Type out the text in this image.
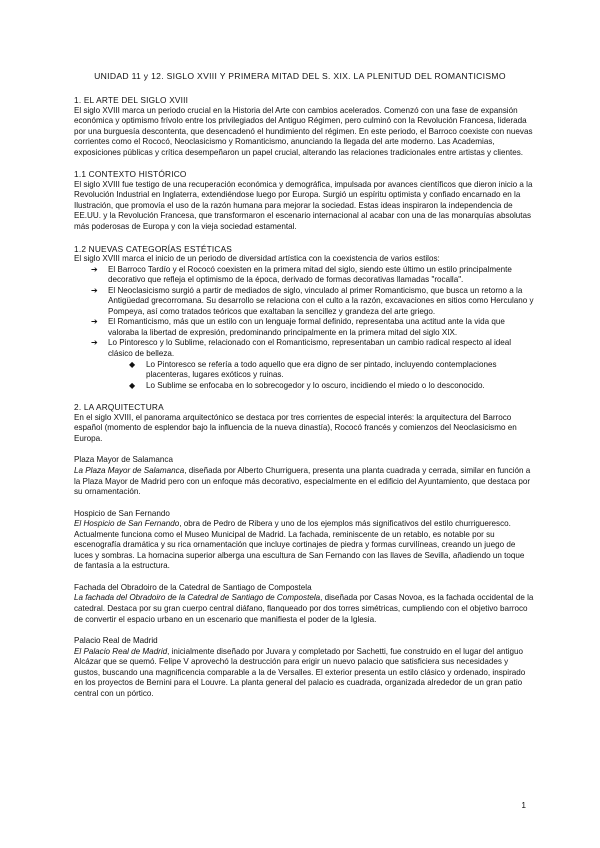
UNIDAD 11 y 12. SIGLO XVIII Y PRIMERA MITAD DEL S. XIX. LA PLENITUD DEL ROMANTICISMO
1. EL ARTE DEL SIGLO XVIII

El siglo XVIII marca un periodo crucial en la Historia del Arte con cambios acelerados. Comenzó con una fase de expansión económica y optimismo frívolo entre los privilegiados del Antiguo Régimen, pero culminó con la Revolución Francesa, liderada por una burguesía descontenta, que desencadenó el hundimiento del régimen. En este periodo, el Barroco coexiste con nuevas corrientes como el Rococó, Neoclasicismo y Romanticismo, anunciando la llegada del arte moderno. Las Academias, exposiciones públicas y crítica desempeñaron un papel crucial, alterando las relaciones tradicionales entre artistas y clientes.

1.1 CONTEXTO HISTÓRICO

El siglo XVIII fue testigo de una recuperación económica y demográfica, impulsada por avances científicos que dieron inicio a la Revolución Industrial en Inglaterra, extendiéndose luego por Europa. Surgió un espíritu optimista y confiado encarnado en la Ilustración, que promovía el uso de la razón humana para mejorar la sociedad. Estas ideas inspiraron la independencia de EE.UU. y la Revolución Francesa, que transformaron el escenario internacional al acabar con una de las monarquías absolutas más poderosas de Europa y con la vieja sociedad estamental.

1.2 NUEVAS CATEGORÍAS ESTÉTICAS

El siglo XVIII marca el inicio de un periodo de diversidad artística con la coexistencia de varios estilos:

➔ El Barroco Tardío y el Rococó coexisten en la primera mitad del siglo, siendo este último un estilo principalmente decorativo que refleja el optimismo de la época, derivado de formas decorativas llamadas "rocalla".
➔ El Neoclasicismo surgió a partir de mediados de siglo, vinculado al primer Romanticismo, que busca un retorno a la Antigüedad grecorromana. Su desarrollo se relaciona con el culto a la razón, excavaciones en sitios como Herculano y Pompeya, así como tratados teóricos que exaltaban la sencillez y grandeza del arte griego.
➔ El Romanticismo, más que un estilo con un lenguaje formal definido, representaba una actitud ante la vida que valoraba la libertad de expresión, predominando principalmente en la primera mitad del siglo XIX.
➔ Lo Pintoresco y lo Sublime, relacionado con el Romanticismo, representaban un cambio radical respecto al ideal clásico de belleza.
◆ Lo Pintoresco se refería a todo aquello que era digno de ser pintado, incluyendo contemplaciones placenteras, lugares exóticos y ruinas.
◆ Lo Sublime se enfocaba en lo sobrecogedor y lo oscuro, incidiendo el miedo o lo desconocido.
2. LA ARQUITECTURA

En el siglo XVIII, el panorama arquitectónico se destaca por tres corrientes de especial interés: la arquitectura del Barroco español (momento de esplendor bajo la influencia de la nueva dinastía), Rococó francés y comienzos del Neoclasicismo en Europa.

Plaza Mayor de Salamanca

La Plaza Mayor de Salamanca, diseñada por Alberto Churriguera, presenta una planta cuadrada y cerrada, similar en función a la Plaza Mayor de Madrid pero con un enfoque más decorativo, especialmente en el edificio del Ayuntamiento, que destaca por su ornamentación.

Hospicio de San Fernando

El Hospicio de San Fernando, obra de Pedro de Ribera y uno de los ejemplos más significativos del estilo churrigueresco. Actualmente funciona como el Museo Municipal de Madrid. La fachada, reminiscente de un retablo, es notable por su escenografía dramática y su rica ornamentación que incluye cortinajes de piedra y formas curvilíneas, creando un juego de luces y sombras. La hornacina superior alberga una escultura de San Fernando con las llaves de Sevilla, añadiendo un toque de fantasía a la estructura.

Fachada del Obradoiro de la Catedral de Santiago de Compostela

La fachada del Obradoiro de la Catedral de Santiago de Compostela, diseñada por Casas Novoa, es la fachada occidental de la catedral. Destaca por su gran cuerpo central diáfano, flanqueado por dos torres simétricas, cumpliendo con el objetivo barroco de convertir el espacio urbano en un escenario que manifiesta el poder de la Iglesia.

Palacio Real de Madrid

El Palacio Real de Madrid, inicialmente diseñado por Juvara y completado por Sachetti, fue construido en el lugar del antiguo Alcázar que se quemó. Felipe V aprovechó la destrucción para erigir un nuevo palacio que satisficiera sus necesidades y gustos, buscando una magnificencia comparable a la de Versalles. El exterior presenta un estilo clásico y ordenado, inspirado en los proyectos de Bernini para el Louvre. La planta general del palacio es cuadrada, organizada alrededor de un gran patio central con un pórtico.

1
